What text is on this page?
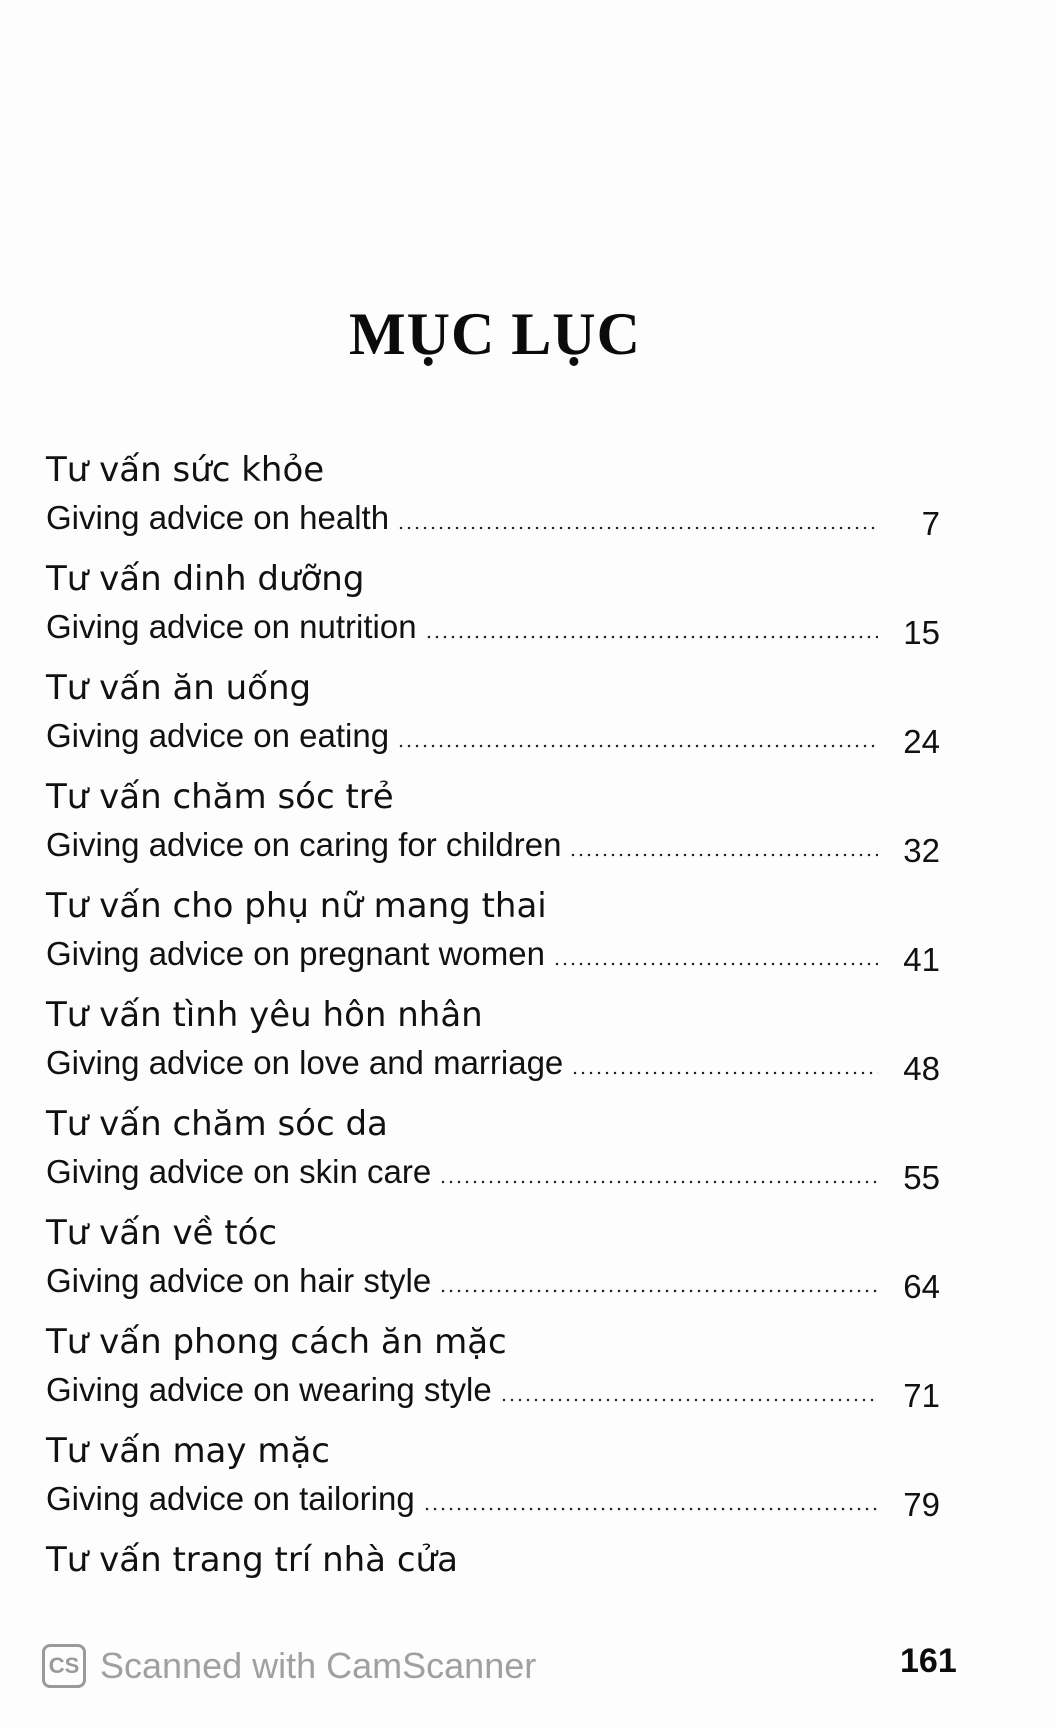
MỤC LỤC
Tư vấn sức khỏe
Giving advice on health	7
Tư vấn dinh dưỡng
Giving advice on nutrition	15
Tư vấn ăn uống
Giving advice on eating	24
Tư vấn chăm sóc trẻ
Giving advice on caring for children	32
Tư vấn cho phụ nữ mang thai
Giving advice on pregnant women	41
Tư vấn tình yêu hôn nhân
Giving advice on love and marriage	48
Tư vấn chăm sóc da
Giving advice on skin care	55
Tư vấn về tóc
Giving advice on hair style	64
Tư vấn phong cách ăn mặc
Giving advice on wearing style	71
Tư vấn may mặc
Giving advice on tailoring	79
Tư vấn trang trí nhà cửa
CS Scanned with CamScanner	161
